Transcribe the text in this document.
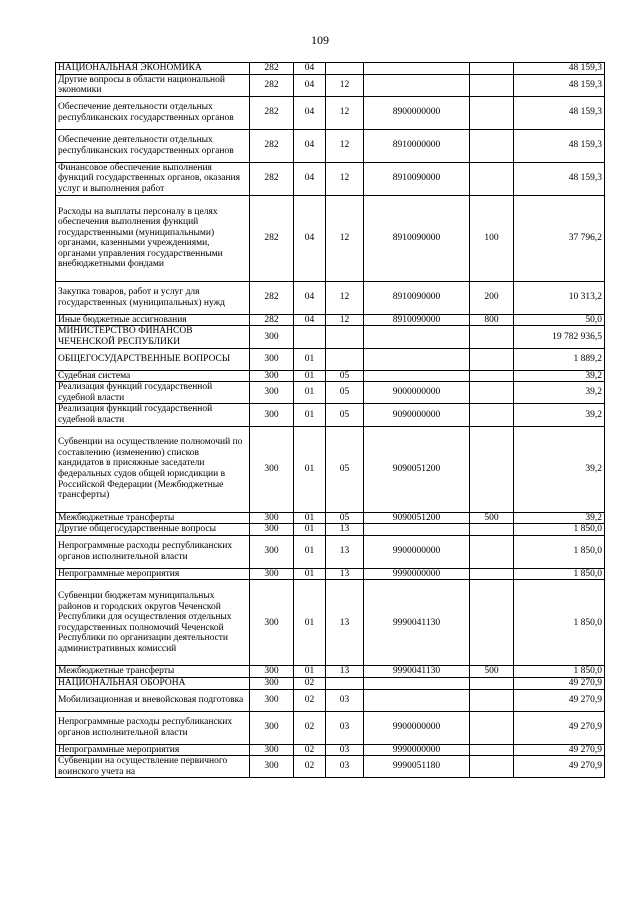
109
НАЦИОНАЛЬНАЯ ЭКОНОМИКА	282	04				48 159,3
Другие вопросы в области национальной экономики	282	04	12			48 159,3
Обеспечение деятельности отдельных республиканских государственных органов	282	04	12	8900000000		48 159,3
Обеспечение деятельности отдельных республиканских государственных органов	282	04	12	8910000000		48 159,3
Финансовое обеспечение выполнения функций государственных органов, оказания услуг и выполнения работ	282	04	12	8910090000		48 159,3
Расходы на выплаты персоналу в целях обеспечения выполнения функций государственными (муниципальными) органами, казенными учреждениями, органами управления государственными внебюджетными фондами	282	04	12	8910090000	100	37 796,2
Закупка товаров, работ и услуг для государственных (муниципальных) нужд	282	04	12	8910090000	200	10 313,2
Иные бюджетные ассигнования	282	04	12	8910090000	800	50,0
МИНИСТЕРСТВО ФИНАНСОВ ЧЕЧЕНСКОЙ РЕСПУБЛИКИ	300					19 782 936,5
ОБЩЕГОСУДАРСТВЕННЫЕ ВОПРОСЫ	300	01				1 889,2
Судебная система	300	01	05			39,2
Реализация функций государственной судебной власти	300	01	05	9000000000		39,2
Реализация функций государственной судебной власти	300	01	05	9090000000		39,2
Субвенции на осуществление полномочий по составлению (изменению) списков кандидатов в присяжные заседатели федеральных судов общей юрисдикции в Российской Федерации (Межбюджетные трансферты)	300	01	05	9090051200		39,2
Межбюджетные трансферты	300	01	05	9090051200	500	39,2
Другие общегосударственные вопросы	300	01	13			1 850,0
Непрограммные расходы республиканских органов исполнительной власти	300	01	13	9900000000		1 850,0
Непрограммные мероприятия	300	01	13	9990000000		1 850,0
Субвенции бюджетам муниципальных районов и городских округов Чеченской Республики для осуществления отдельных государственных полномочий Чеченской Республики по организации деятельности административных комиссий	300	01	13	9990041130		1 850,0
Межбюджетные трансферты	300	01	13	9990041130	500	1 850,0
НАЦИОНАЛЬНАЯ ОБОРОНА	300	02				49 270,9
Мобилизационная и вневойсковая подготовка	300	02	03			49 270,9
Непрограммные расходы республиканских органов исполнительной власти	300	02	03	9900000000		49 270,9
Непрограммные мероприятия	300	02	03	9990000000		49 270,9
Субвенции на осуществление первичного воинского учета на	300	02	03	9990051180		49 270,9
